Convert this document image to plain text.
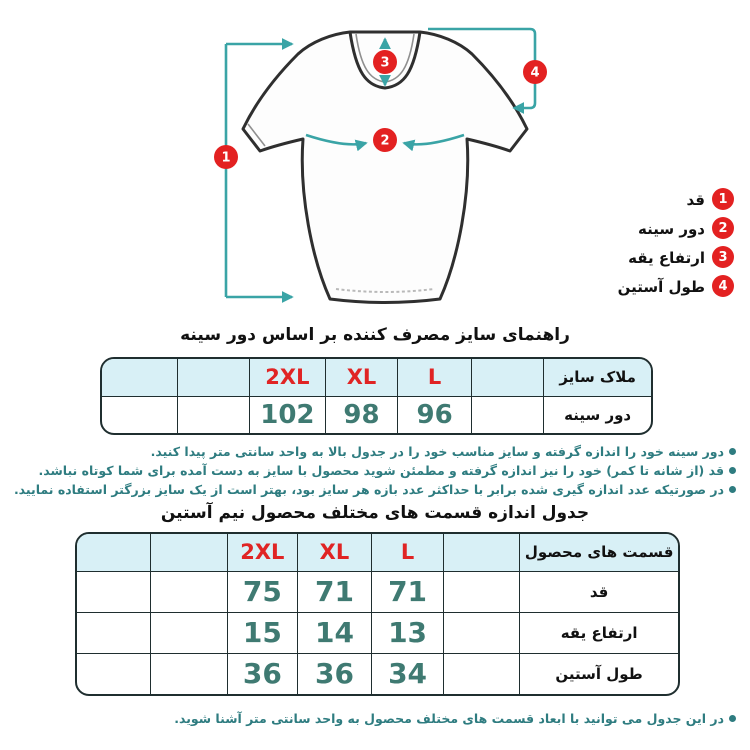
1
2
3
4
1
قد
2
دور سینه
3
ارتفاع یقه
4
طول آستین
راهنمای سایز مصرف کننده بر اساس دور سینه
ملاک سایز		L	XL	2XL		
دور سینه		96	98	102		
دور سینه خود را اندازه گرفته و سایز مناسب خود را در جدول بالا به واحد سانتی متر پیدا کنید.
قد (از شانه تا کمر) خود را نیز اندازه گرفته و مطمئن شوید محصول با سایز به دست آمده برای شما کوتاه نباشد.
در صورتیکه عدد اندازه گیری شده برابر با حداکثر عدد بازه هر سایز بود، بهتر است از یک سایز بزرگتر استفاده نمایید.
جدول اندازه قسمت های مختلف محصول نیم آستین
قسمت های محصول		L	XL	2XL		
قد		71	71	75		
ارتفاع یقه		13	14	15		
طول آستین		34	36	36		
در این جدول می توانید با ابعاد قسمت های مختلف محصول به واحد سانتی متر آشنا شوید.
